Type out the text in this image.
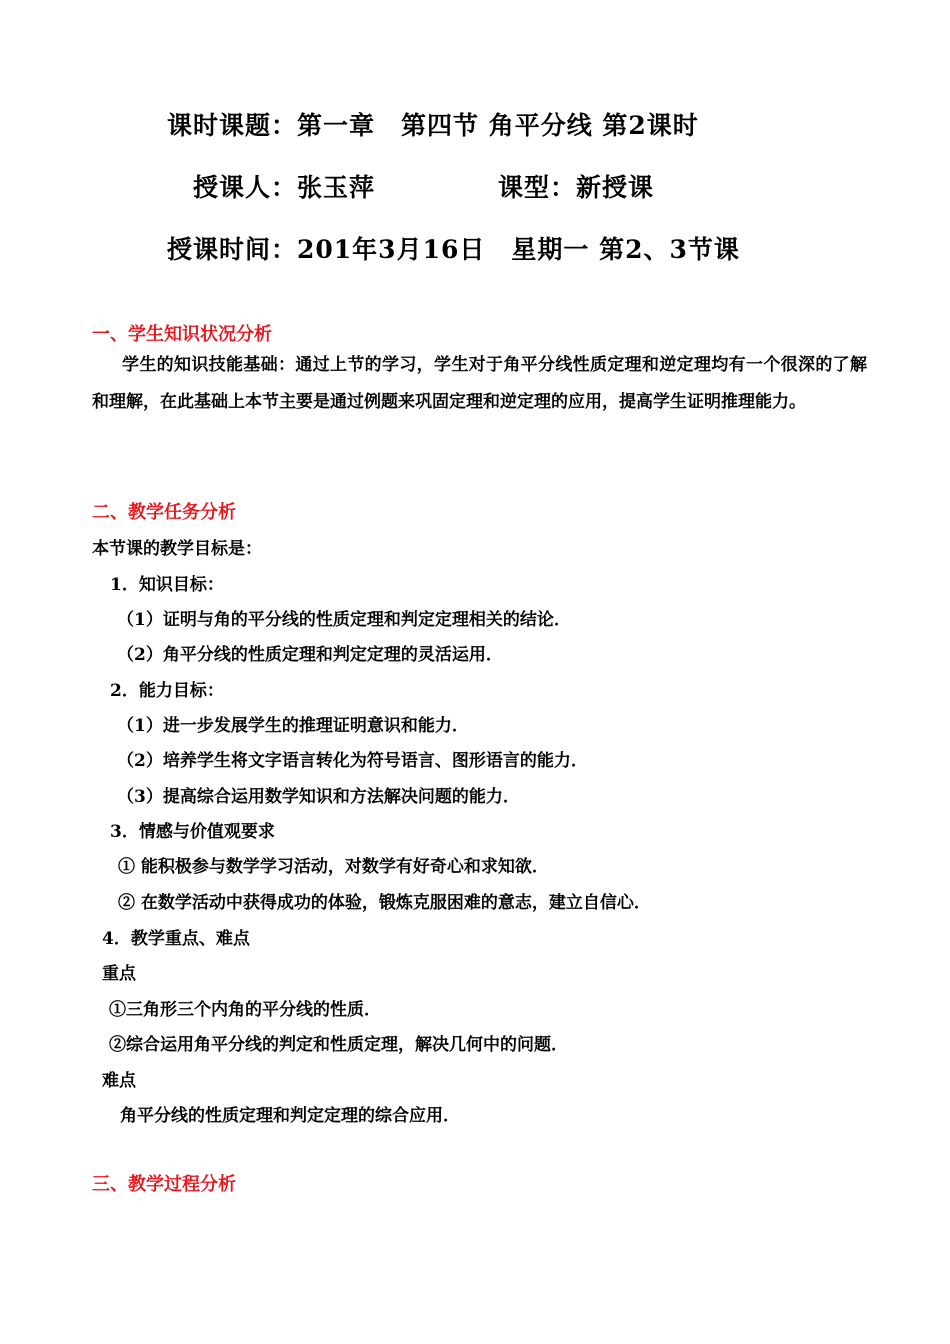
课时课题：第一章　第四节 角平分线 第2课时
授课人：张玉萍	课型：新授课
授课时间：201年3月16日　星期一 第2、3节课
一、学生知识状况分析
学生的知识技能基础：通过上节的学习，学生对于角平分线性质定理和逆定理均有一个很深的了解和理解，在此基础上本节主要是通过例题来巩固定理和逆定理的应用，提高学生证明推理能力。
二、教学任务分析
本节课的教学目标是：
1．知识目标：
（1）证明与角的平分线的性质定理和判定定理相关的结论．
（2）角平分线的性质定理和判定定理的灵活运用．
2．能力目标：
（1）进一步发展学生的推理证明意识和能力．
（2）培养学生将文字语言转化为符号语言、图形语言的能力．
（3）提高综合运用数学知识和方法解决问题的能力．
3．情感与价值观要求
① 能积极参与数学学习活动，对数学有好奇心和求知欲．
② 在数学活动中获得成功的体验，锻炼克服困难的意志，建立自信心．
4．教学重点、难点
重点
①三角形三个内角的平分线的性质．
②综合运用角平分线的判定和性质定理，解决几何中的问题．
难点
角平分线的性质定理和判定定理的综合应用．
三、教学过程分析
